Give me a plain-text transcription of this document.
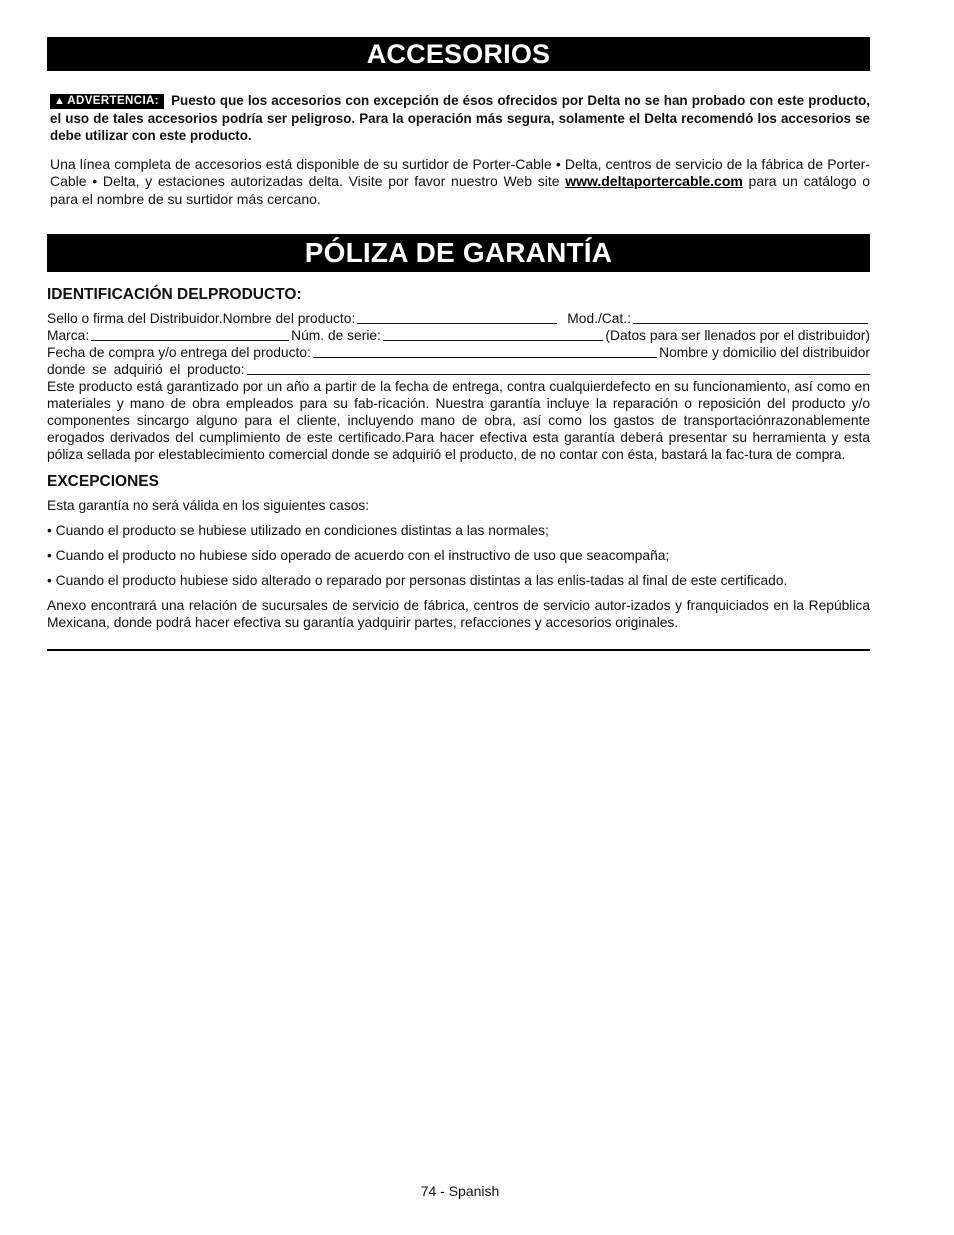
ACCESORIOS
▲ ADVERTENCIA: Puesto que los accesorios con excepción de ésos ofrecidos por Delta no se han probado con este producto, el uso de tales accesorios podría ser peligroso. Para la operación más segura, solamente el Delta recomendó los accesorios se debe utilizar con este producto.
Una línea completa de accesorios está disponible de su surtidor de Porter-Cable • Delta, centros de servicio de la fábrica de Porter-Cable • Delta, y estaciones autorizadas delta. Visite por favor nuestro Web site www.deltaportercable.com para un catálogo o para el nombre de su surtidor más cercano.
PÓLIZA DE GARANTÍA
IDENTIFICACIÓN DELPRODUCTO:
Sello o firma del Distribuidor.Nombre del producto:	Mod./Cat.:
Marca:	Núm. de serie:	(Datos para ser llenados por el distribuidor)
Fecha de compra y/o entrega del producto:	Nombre y domicilio del distribuidor
donde se adquirió el producto:
Este producto está garantizado por un año a partir de la fecha de entrega, contra cualquierdefecto en su funcionamiento, así como en materiales y mano de obra empleados para su fab-ricación. Nuestra garantía incluye la reparación o reposición del producto y/o componentes sincargo alguno para el cliente, incluyendo mano de obra, así como los gastos de transportaciónrazonablemente erogados derivados del cumplimiento de este certificado.Para hacer efectiva esta garantía deberá presentar su herramienta y esta póliza sellada por elestablecimiento comercial donde se adquirió el producto, de no contar con ésta, bastará la fac-tura de compra.
EXCEPCIONES
Esta garantía no será válida en los siguientes casos:
• Cuando el producto se hubiese utilizado en condiciones distintas a las normales;
• Cuando el producto no hubiese sido operado de acuerdo con el instructivo de uso que seacompaña;
• Cuando el producto hubiese sido alterado o reparado por personas distintas a las enlis-tadas al final de este certificado.
Anexo encontrará una relación de sucursales de servicio de fábrica, centros de servicio autor-izados y franquiciados en la República Mexicana, donde podrá hacer efectiva su garantía yadquirir partes, refacciones y accesorios originales.
74 - Spanish
